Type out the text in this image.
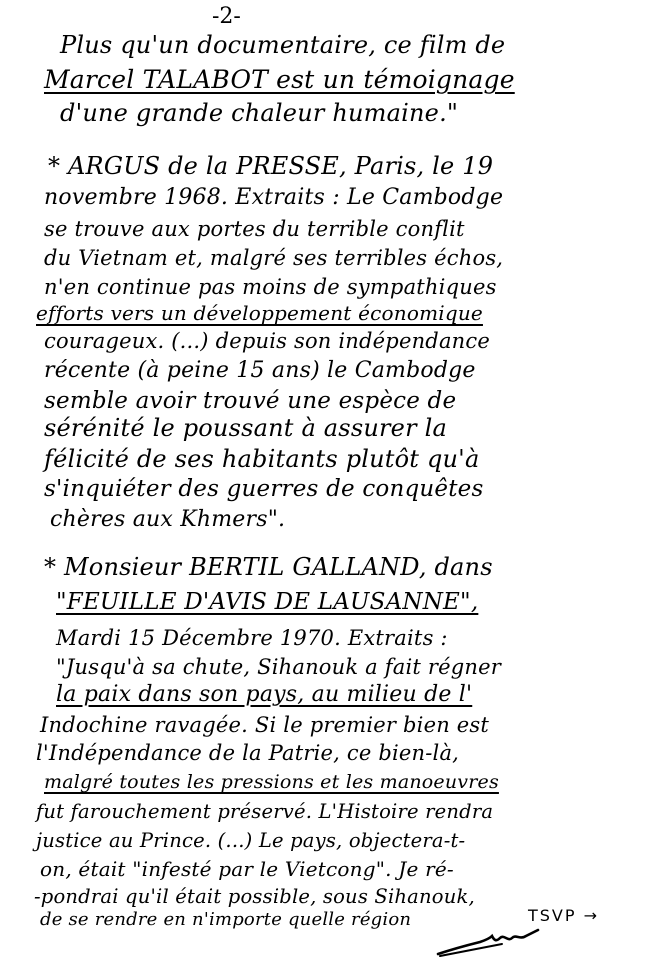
-2-
Plus qu'un documentaire, ce film de
Marcel TALABOT est un témoignage
d'une grande chaleur humaine."
* ARGUS de la PRESSE, Paris, le 19
novembre 1968. Extraits : Le Cambodge
se trouve aux portes du terrible conflit
du Vietnam et, malgré ses terribles échos,
n'en continue pas moins de sympathiques
efforts vers un développement économique
courageux. (...) depuis son indépendance
récente (à peine 15 ans) le Cambodge
semble avoir trouvé une espèce de
sérénité le poussant à assurer la
félicité de ses habitants plutôt qu'à
s'inquiéter des guerres de conquêtes
chères aux Khmers".
* Monsieur BERTIL GALLAND, dans
"FEUILLE D'AVIS DE LAUSANNE",
Mardi 15 Décembre 1970. Extraits :
"Jusqu'à sa chute, Sihanouk a fait régner
la paix dans son pays, au milieu de l'
Indochine ravagée. Si le premier bien est
l'Indépendance de la Patrie, ce bien-là,
malgré toutes les pressions et les manoeuvres
fut farouchement préservé. L'Histoire rendra
justice au Prince. (...) Le pays, objectera-t-
on, était "infesté par le Vietcong". Je ré-
-pondrai qu'il était possible, sous Sihanouk,
de se rendre en n'importe quelle région	TSVP →
